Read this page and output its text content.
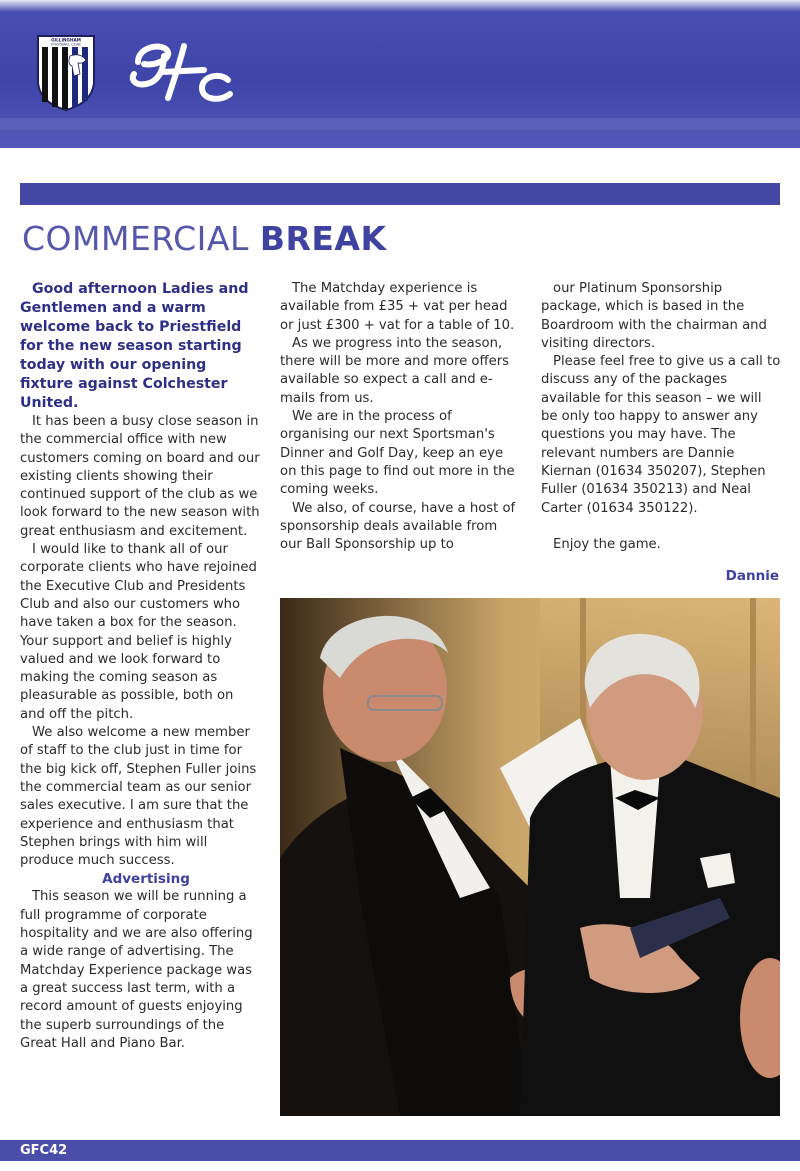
GILLINGHAM
FOOTBALL CLUB
COMMERCIAL BREAK

Good afternoon Ladies and Gentlemen and a warm welcome back to Priestfield for the new season starting today with our opening fixture against Colchester United.

It has been a busy close season in the commercial office with new customers coming on board and our existing clients showing their continued support of the club as we look forward to the new season with great enthusiasm and excitement.

I would like to thank all of our corporate clients who have rejoined the Executive Club and Presidents Club and also our customers who have taken a box for the season. Your support and belief is highly valued and we look forward to making the coming season as pleasurable as possible, both on and off the pitch.

We also welcome a new member of staff to the club just in time for the big kick off, Stephen Fuller joins the commercial team as our senior sales executive. I am sure that the experience and enthusiasm that Stephen brings with him will produce much success.

Advertising

This season we will be running a full programme of corporate hospitality and we are also offering a wide range of advertising. The Matchday Experience package was a great success last term, with a record amount of guests enjoying the superb surroundings of the Great Hall and Piano Bar.

The Matchday experience is available from £35 + vat per head or just £300 + vat for a table of 10.

As we progress into the season, there will be more and more offers available so expect a call and e-mails from us.

We are in the process of organising our next Sportsman's Dinner and Golf Day, keep an eye on this page to find out more in the coming weeks.

We also, of course, have a host of sponsorship deals available from our Ball Sponsorship up to

our Platinum Sponsorship package, which is based in the Boardroom with the chairman and visiting directors.

Please feel free to give us a call to discuss any of the packages available for this season – we will be only too happy to answer any questions you may have. The relevant numbers are Dannie Kiernan (01634 350207), Stephen Fuller (01634 350213) and Neal Carter (01634 350122).

Enjoy the game.

Dannie
GFC42
